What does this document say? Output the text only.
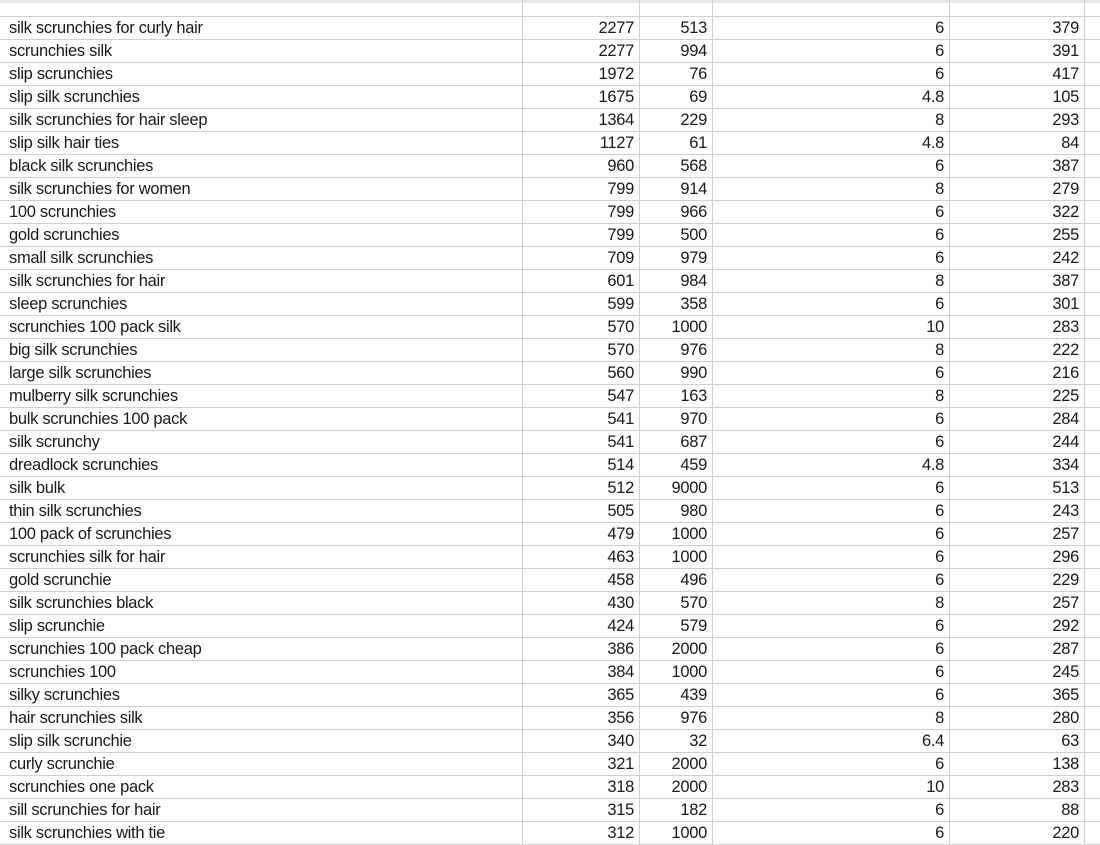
silk scrunchies for curly hair	2277	513	6	379
scrunchies silk	2277	994	6	391
slip scrunchies	1972	76	6	417
slip silk scrunchies	1675	69	4.8	105
silk scrunchies for hair sleep	1364	229	8	293
slip silk hair ties	1127	61	4.8	84
black silk scrunchies	960	568	6	387
silk scrunchies for women	799	914	8	279
100 scrunchies	799	966	6	322
gold scrunchies	799	500	6	255
small silk scrunchies	709	979	6	242
silk scrunchies for hair	601	984	8	387
sleep scrunchies	599	358	6	301
scrunchies 100 pack silk	570	1000	10	283
big silk scrunchies	570	976	8	222
large silk scrunchies	560	990	6	216
mulberry silk scrunchies	547	163	8	225
bulk scrunchies 100 pack	541	970	6	284
silk scrunchy	541	687	6	244
dreadlock scrunchies	514	459	4.8	334
silk bulk	512	9000	6	513
thin silk scrunchies	505	980	6	243
100 pack of scrunchies	479	1000	6	257
scrunchies silk for hair	463	1000	6	296
gold scrunchie	458	496	6	229
silk scrunchies black	430	570	8	257
slip scrunchie	424	579	6	292
scrunchies 100 pack cheap	386	2000	6	287
scrunchies 100	384	1000	6	245
silky scrunchies	365	439	6	365
hair scrunchies silk	356	976	8	280
slip silk scrunchie	340	32	6.4	63
curly scrunchie	321	2000	6	138
scrunchies one pack	318	2000	10	283
sill scrunchies for hair	315	182	6	88
silk scrunchies with tie	312	1000	6	220
